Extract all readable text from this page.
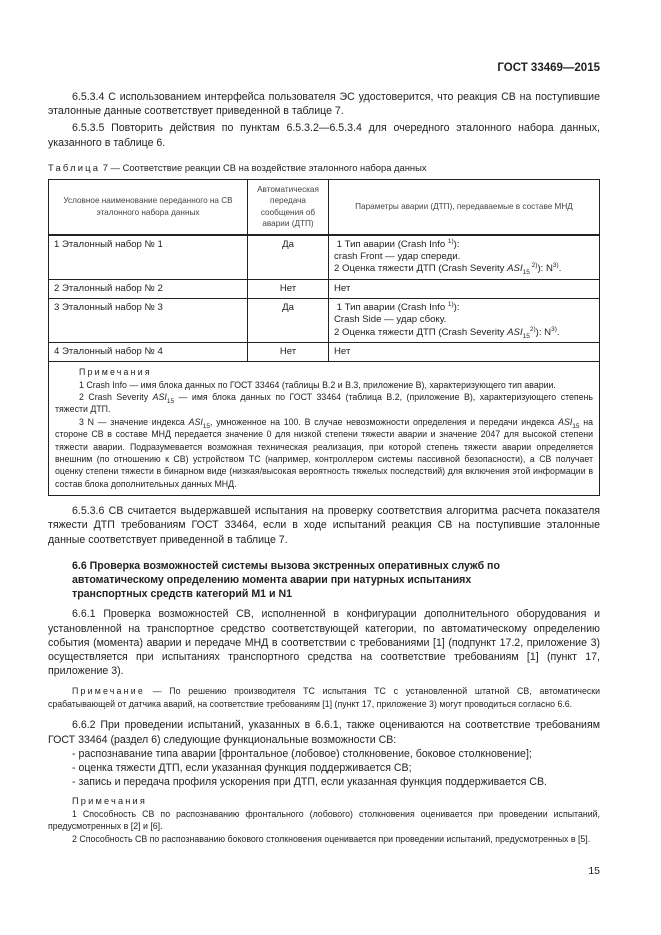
ГОСТ 33469—2015

6.5.3.4 С использованием интерфейса пользователя ЭС удостоверится, что реакция СВ на поступившие эталонные данные соответствует приведенной в таблице 7.

6.5.3.5 Повторить действия по пунктам 6.5.3.2—6.5.3.4 для очередного эталонного набора данных, указанного в таблице 6.

Таблица 7 — Соответствие реакции СВ на воздействие эталонного набора данных
Условное наименование переданного на СВ эталонного набора данных	Автоматическая передача сообщения об аварии (ДТП)	Параметры аварии (ДТП), передаваемые в составе МНД
1 Эталонный набор № 1	Да	1 Тип аварии (Crash Info $^{1)}$):
crash Front — удар спереди.
2 Оценка тяжести ДТП (Crash Severity $ASI_{15}$ $^{2)}$): $N^{3)}$.

2 Эталонный набор № 2	Нет	Нет
3 Эталонный набор № 3	Да	1 Тип аварии (Crash Info $^{1)}$):
Crash Side — удар сбоку.
2 Оценка тяжести ДТП (Crash Severity $ASI_{15}^{2)}$): $N^{3)}$.

4 Эталонный набор № 4	Нет	Нет

Примечания

1 Crash Info — имя блока данных по ГОСТ 33464 (таблицы В.2 и В.3, приложение В), характеризующего тип аварии.

2 Crash Severity $ASI_{15}$ — имя блока данных по ГОСТ 33464 (таблица В.2, (приложение В), характеризующего степень тяжести ДТП.

3 N — значение индекса $ASI_{15}$, умноженное на 100. В случае невозможности определения и передачи индекса $ASI_{15}$ на стороне СВ в составе МНД передается значение 0 для низкой степени тяжести аварии и значение 2047 для высокой степени тяжести аварии. Подразумевается возможная техническая реализация, при которой степень тяжести аварии определяется внешним (по отношению к СВ) устройством ТС (например, контроллером системы пассивной безопасности), а СВ получает оценку степени тяжести в бинарном виде (низкая/высокая вероятность тяжелых последствий) для включения этой информации в состав блока дополнительных данных МНД.		

6.5.3.6 СВ считается выдержавшей испытания на проверку соответствия алгоритма расчета показателя тяжести ДТП требованиям ГОСТ 33464, если в ходе испытаний реакция СВ на поступившие эталонные данные соответствует приведенной в таблице 7.

6.6 Проверка возможностей системы вызова экстренных оперативных служб по автоматическому определению момента аварии при натурных испытаниях транспортных средств категорий М1 и N1

6.6.1 Проверка возможностей СВ, исполненной в конфигурации дополнительного оборудования и установленной на транспортное средство соответствующей категории, по автоматическому определению события (момента) аварии и передаче МНД в соответствии с требованиями [1] (подпункт 17.2, приложение 3) осуществляется при испытаниях транспортного средства на соответствие требованиям [1] (пункт 17, приложение 3).

Примечание — По решению производителя ТС испытания ТС с установленной штатной СВ, автоматически срабатывающей от датчика аварий, на соответствие требованиям [1] (пункт 17, приложение 3) могут проводиться согласно 6.6.

6.6.2 При проведении испытаний, указанных в 6.6.1, также оцениваются на соответствие требованиям ГОСТ 33464 (раздел 6) следующие функциональные возможности СВ:

- распознавание типа аварии [фронтальное (лобовое) столкновение, боковое столкновение];
- оценка тяжести ДТП, если указанная функция поддерживается СВ;
- запись и передача профиля ускорения при ДТП, если указанная функция поддерживается СВ.

Примечания

1 Способность СВ по распознаванию фронтального (лобового) столкновения оценивается при проведении испытаний, предусмотренных в [2] и [6].

2 Способность СВ по распознаванию бокового столкновения оценивается при проведении испытаний, предусмотренных в [5].

15
